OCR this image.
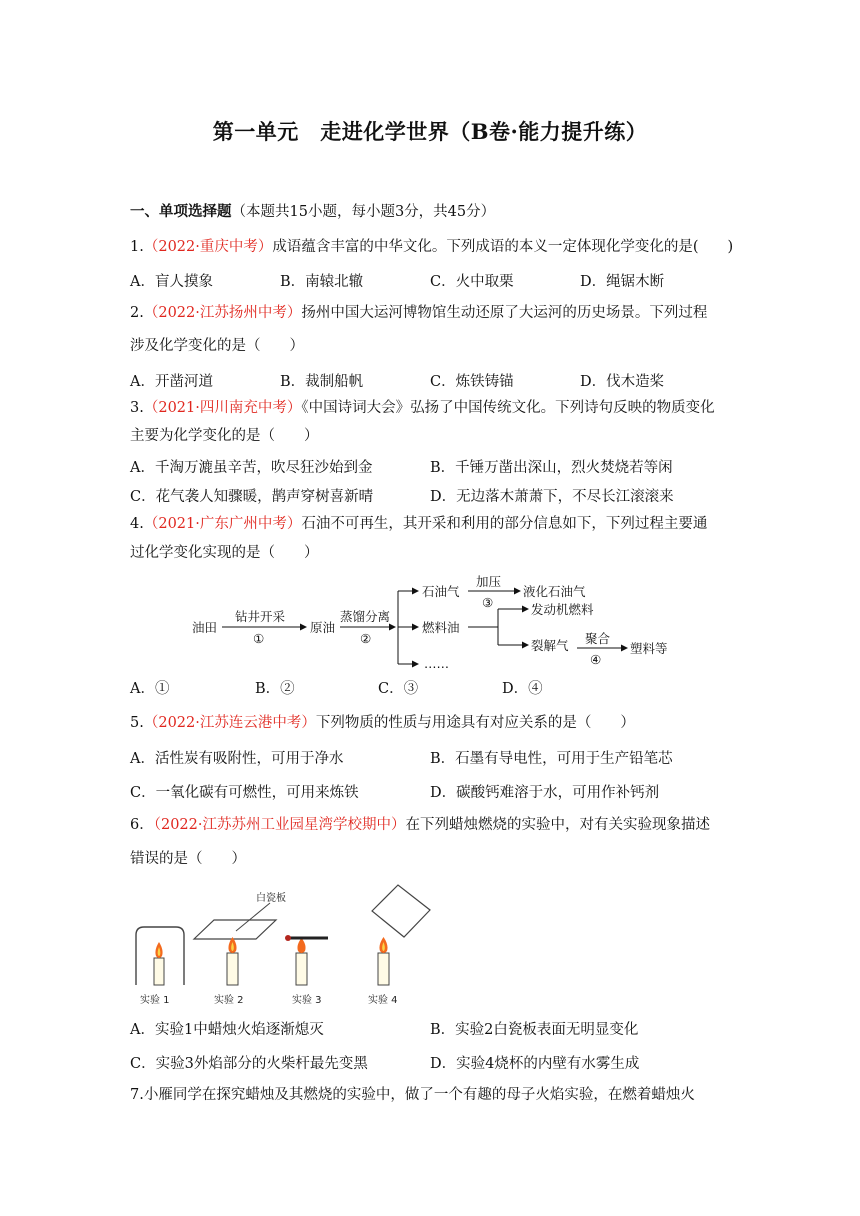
第一单元　走进化学世界（B卷·能力提升练）
一、单项选择题（本题共15小题，每小题3分，共45分）
1.（2022·重庆中考）成语蕴含丰富的中华文化。下列成语的本义一定体现化学变化的是(　　)
A．盲人摸象	B．南辕北辙	C．火中取栗	D．绳锯木断
2.（2022·江苏扬州中考）扬州中国大运河博物馆生动还原了大运河的历史场景。下列过程
涉及化学变化的是（　　）
A．开凿河道	B．裁制船帆	C．炼铁铸锚	D．伐木造桨
3.（2021·四川南充中考）《中国诗词大会》弘扬了中国传统文化。下列诗句反映的物质变化
主要为化学变化的是（　　）
A．千淘万漉虽辛苦，吹尽狂沙始到金	B．千锤万凿出深山，烈火焚烧若等闲
C．花气袭人知骤暖，鹊声穿树喜新晴	D．无边落木萧萧下，不尽长江滚滚来
4.（2021·广东广州中考）石油不可再生，其开采和利用的部分信息如下，下列过程主要通
过化学变化实现的是（　　）
油田
钻井开采
①
原油
蒸馏分离
②
石油气
加压
③
液化石油气
燃料油
发动机燃料
裂解气 聚合
④
塑料等
……
A．①	B．②	C．③	D．④
5.（2022·江苏连云港中考）下列物质的性质与用途具有对应关系的是（　　）
A．活性炭有吸附性，可用于净水	B．石墨有导电性，可用于生产铅笔芯
C．一氧化碳有可燃性，可用来炼铁	D．碳酸钙难溶于水，可用作补钙剂
6．（2022·江苏苏州工业园星湾学校期中）在下列蜡烛燃烧的实验中，对有关实验现象描述
错误的是（　　）
白瓷板
实验 1	实验 2	实验 3	实验 4
A．实验1中蜡烛火焰逐渐熄灭	B．实验2白瓷板表面无明显变化
C．实验3外焰部分的火柴杆最先变黑	D．实验4烧杯的内壁有水雾生成
7.小雁同学在探究蜡烛及其燃烧的实验中，做了一个有趣的母子火焰实验，在燃着蜡烛火
